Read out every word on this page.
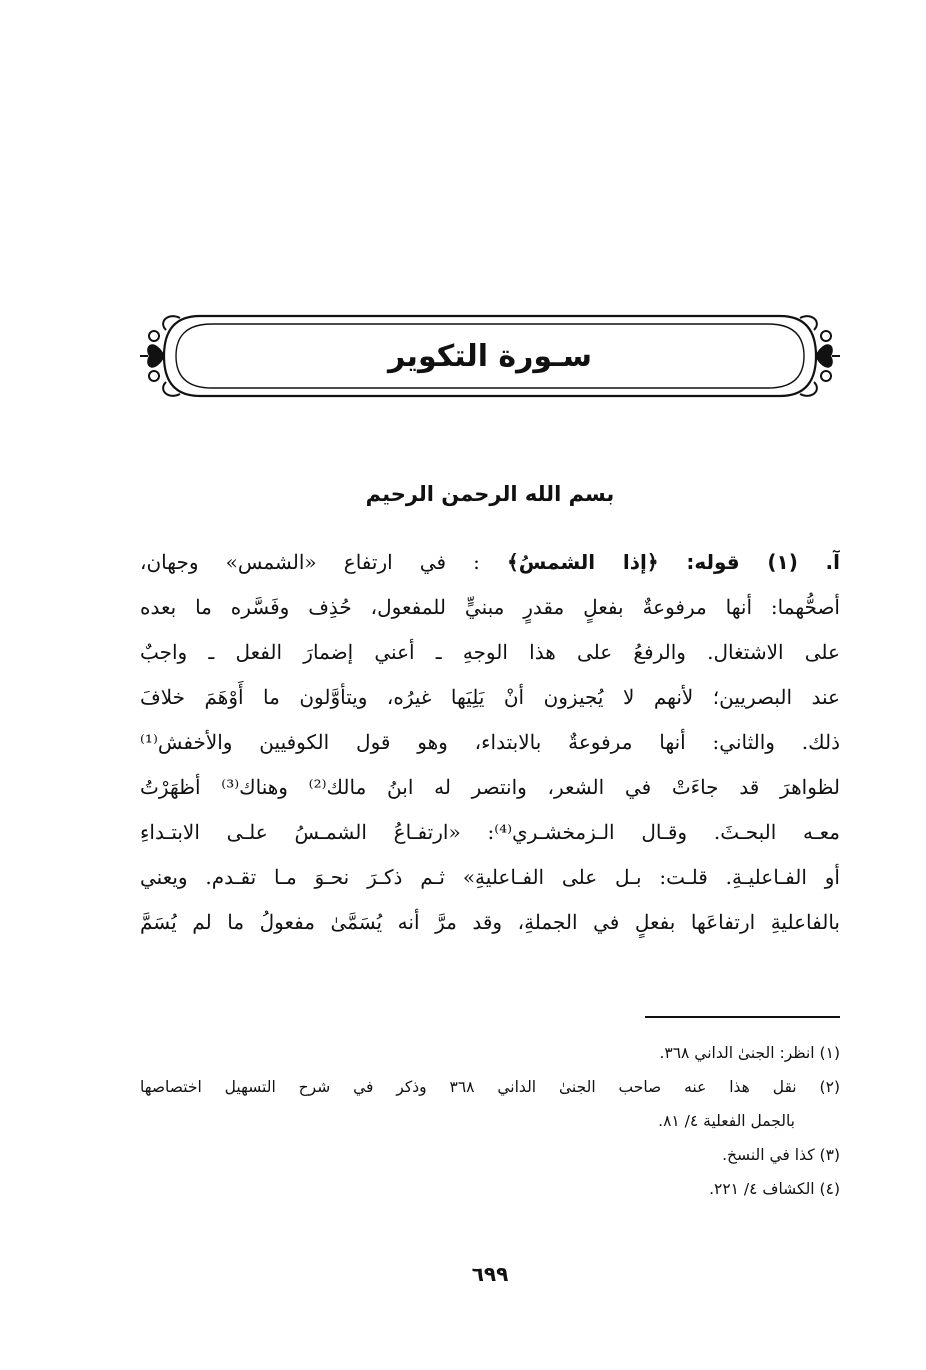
سـورة التكوير
بسم الله الرحمن الرحيم
آ. (١) قوله: ﴿إذا الشمسُ﴾ : في ارتفاع «الشمس» وجهان،
أصحُّهما: أنها مرفوعةٌ بفعلٍ مقدرٍ مبنيٍّ للمفعول، حُذِف وفَسَّره ما بعده
على الاشتغال. والرفعُ على هذا الوجهِ ـ أعني إضمارَ الفعل ـ واجبٌ
عند البصريين؛ لأنهم لا يُجيزون أنْ يَلِيَها غيرُه، ويتأوَّلون ما أَوْهَمَ خلافَ
ذلك. والثاني: أنها مرفوعةٌ بالابتداء، وهو قول الكوفيين والأخفش⁽¹⁾
لظواهرَ قد جاءَتْ في الشعر، وانتصر له ابنُ مالك⁽²⁾ وهناك⁽³⁾ أظهَرْتُ
معـه البحـثَ. وقـال الـزمخشـري⁽⁴⁾: «ارتفـاعُ الشمـسُ علـى الابتـداءِ
أو الفـاعليـةِ. قلـت: بـل على الفـاعليةِ» ثـم ذكـرَ نحـوَ مـا تقـدم. ويعني
بالفاعليةِ ارتفاعَها بفعلٍ في الجملةِ، وقد مرَّ أنه يُسَمَّىٰ مفعولُ ما لم يُسَمَّ
(١) انظر: الجنىٰ الداني ٣٦٨.
(٢) نقل هذا عنه صاحب الجنىٰ الداني ٣٦٨ وذكر في شرح التسهيل اختصاصها
بالجمل الفعلية ٤/ ٨١.
(٣) كذا في النسخ.
(٤) الكشاف ٤/ ٢٢١.
٦٩٩
